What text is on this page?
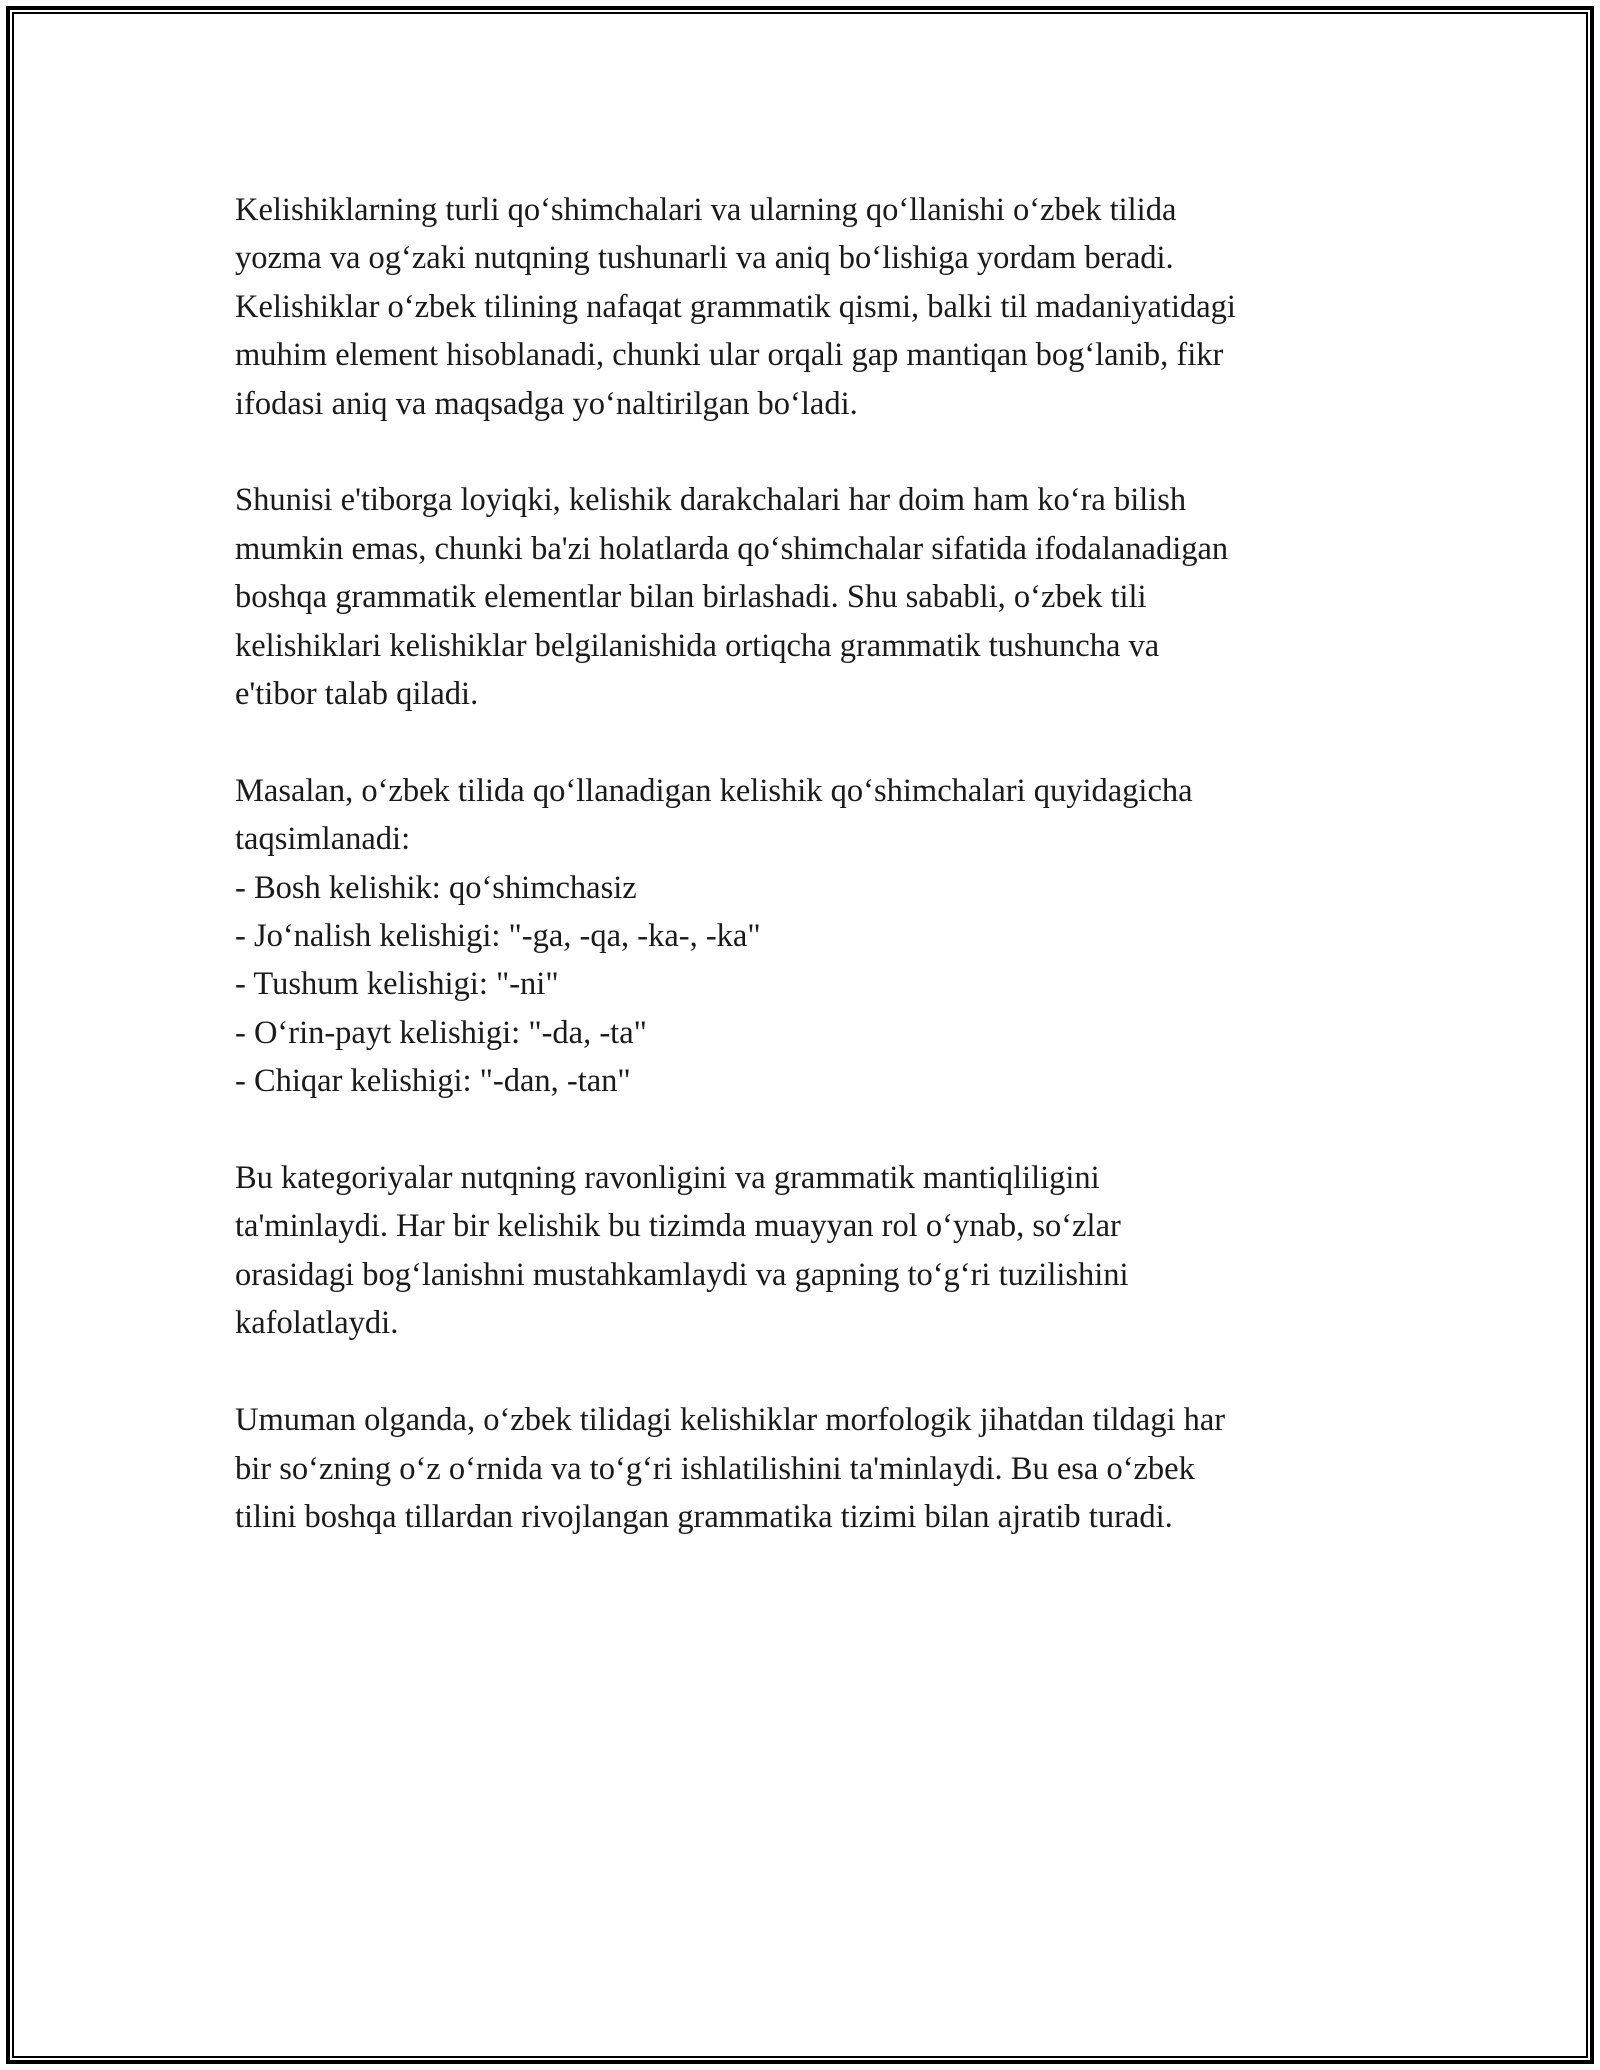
Kelishiklarning turli qo‘shimchalari va ularning qo‘llanishi o‘zbek tilida
yozma va og‘zaki nutqning tushunarli va aniq bo‘lishiga yordam beradi.
Kelishiklar o‘zbek tilining nafaqat grammatik qismi, balki til madaniyatidagi
muhim element hisoblanadi, chunki ular orqali gap mantiqan bog‘lanib, fikr
ifodasi aniq va maqsadga yo‘naltirilgan bo‘ladi.

Shunisi e'tiborga loyiqki, kelishik darakchalari har doim ham ko‘ra bilish
mumkin emas, chunki ba'zi holatlarda qo‘shimchalar sifatida ifodalanadigan
boshqa grammatik elementlar bilan birlashadi. Shu sababli, o‘zbek tili
kelishiklari kelishiklar belgilanishida ortiqcha grammatik tushuncha va
e'tibor talab qiladi.

Masalan, o‘zbek tilida qo‘llanadigan kelishik qo‘shimchalari quyidagicha
taqsimlanadi:
- Bosh kelishik: qo‘shimchasiz
- Jo‘nalish kelishigi: "-ga, -qa, -ka-, -ka"
- Tushum kelishigi: "-ni"
- O‘rin-payt kelishigi: "-da, -ta"
- Chiqar kelishigi: "-dan, -tan"

Bu kategoriyalar nutqning ravonligini va grammatik mantiqliligini
ta'minlaydi. Har bir kelishik bu tizimda muayyan rol o‘ynab, so‘zlar
orasidagi bog‘lanishni mustahkamlaydi va gapning to‘g‘ri tuzilishini
kafolatlaydi.

Umuman olganda, o‘zbek tilidagi kelishiklar morfologik jihatdan tildagi har
bir so‘zning o‘z o‘rnida va to‘g‘ri ishlatilishini ta'minlaydi. Bu esa o‘zbek
tilini boshqa tillardan rivojlangan grammatika tizimi bilan ajratib turadi.
